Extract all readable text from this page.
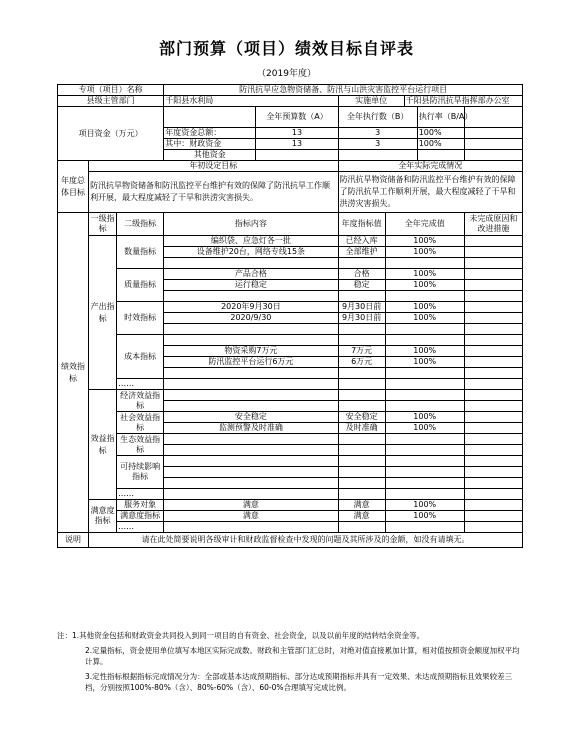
部门预算（项目）绩效目标自评表
（2019年度）
专项（项目）名称			防汛抗旱应急物资储备、防汛与山洪灾害监控平台运行项目						
县级主管部门			千阳县水利局		实施单位		千阳县防汛抗旱指挥部办公室		
项目资金（万元）				全年预算数（A）	全年执行数（B）			执行率（B/A）	
			年度资金总额：	13	3			100%	
			其中：财政资金	13	3			100%	
			其他资金						
年度总体目标	年初设定目标				全年实际完成情况				
	防汛抗旱物资储备和防汛监控平台维护有效的保障了防汛抗旱工作顺利开展，最大程度减轻了干旱和洪涝灾害损失。				防汛抗旱物资储备和防汛监控平台维护有效的保障了防汛抗旱工作顺利开展，最大程度减轻了干旱和洪涝灾害损失。				
绩效指标	一级指标	二级指标	指标内容		年度指标值	全年完成值			未完成原因和改进措施
	产出指标	数量指标	编织袋、应急灯各一批		已经入库	100%			
			设备维护20台，网络专线15条		全部维护	100%			

		质量指标	产品合格		合格	100%			
			运行稳定		稳定	100%			

		时效指标	2020年9月30日		9月30日前	100%			
			2020/9/30		9月30日前	100%			

		成本指标							
			物资采购7万元		7万元	100%			
			防汛监控平台运行6万元		6万元	100%			

		……							
	效益指标	经济效益指标							

		社会效益指标	安全稳定		安全稳定	100%			
			监测预警及时准确		及时准确	100%			
		生态效益指标							

		可持续影响指标							

		……							
	满意度指标	服务对象	满意		满意	100%			
		满意度指标	满意		满意	100%			
		……							
说明	请在此处简要说明各级审计和财政监督检查中发现的问题及其所涉及的金额，如没有请填无。								

注：1.其他资金包括和财政资金共同投入到同一项目的自有资金、社会资金，以及以前年度的结转结余资金等。

2.定量指标，资金使用单位填写本地区实际完成数。财政和主管部门汇总时，对绝对值直接累加计算，相对值按照资金额度加权平均计算。

3.定性指标根据指标完成情况分为：全部或基本达成预期指标、部分达成预期指标并具有一定效果、未达成预期指标且效果较差三档，分别按照100%-80%（含）、80%-60%（含）、60-0%合理填写完成比例。
